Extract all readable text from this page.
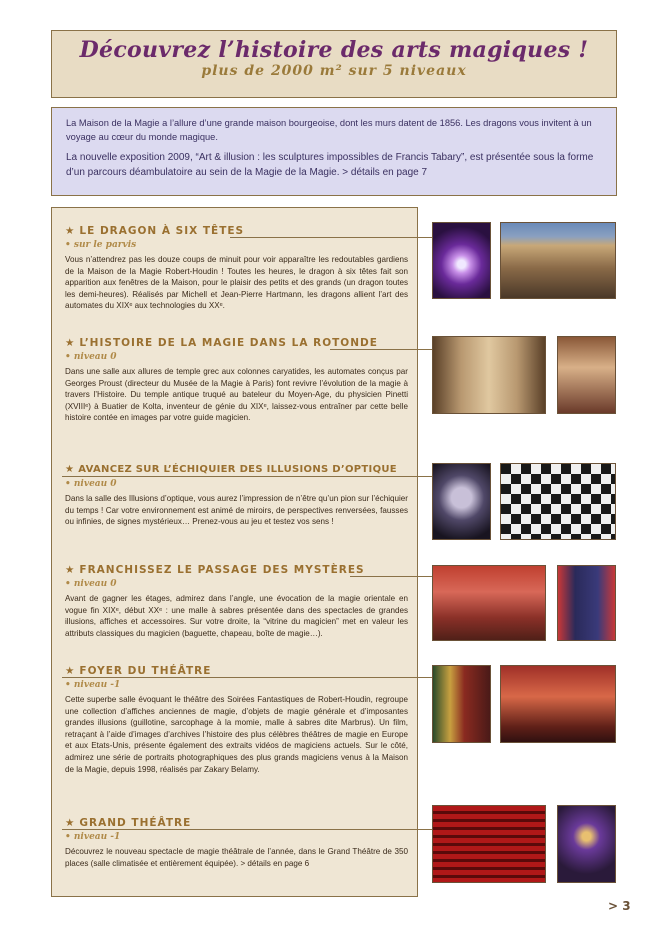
Découvrez l’histoire des arts magiques !
plus de 2000 m² sur 5 niveaux

La Maison de la Magie a l’allure d’une grande maison bourgeoise, dont les murs datent de 1856. Les dragons vous invitent à un voyage au cœur du monde magique.

La nouvelle exposition 2009, “Art & illusion : les sculptures impossibles de Francis Tabary”, est présentée sous la forme d’un parcours déambulatoire au sein de la Magie de la Magie. > détails en page 7

★ LE DRAGON À SIX TÊTES
• sur le parvis
Vous n’attendrez pas les douze coups de minuit pour voir apparaître les redoutables gardiens de la Maison de la Magie Robert-Houdin ! Toutes les heures, le dragon à six têtes fait son apparition aux fenêtres de la Maison, pour le plaisir des petits et des grands (un dragon toutes les demi-heures). Réalisés par Michell et Jean-Pierre Hartmann, les dragons allient l’art des automates du XIXᵉ aux technologies du XXᵉ.
★ L’HISTOIRE DE LA MAGIE DANS LA ROTONDE
• niveau 0
Dans une salle aux allures de temple grec aux colonnes caryatides, les automates conçus par Georges Proust (directeur du Musée de la Magie à Paris) font revivre l’évolution de la magie à travers l’Histoire. Du temple antique truqué au bateleur du Moyen-Age, du physicien Pinetti (XVIIIᵉ) à Buatier de Kolta, inventeur de génie du XIXᵉ, laissez-vous entraîner par cette belle histoire contée en images par votre guide magicien.
★ AVANCEZ SUR L’ÉCHIQUIER DES ILLUSIONS D’OPTIQUE
• niveau 0
Dans la salle des Illusions d’optique, vous aurez l’impression de n’être qu’un pion sur l’échiquier du temps ! Car votre environnement est animé de miroirs, de perspectives renversées, fausses ou infinies, de signes mystérieux… Prenez-vous au jeu et testez vos sens !
★ FRANCHISSEZ LE PASSAGE DES MYSTÈRES
• niveau 0
Avant de gagner les étages, admirez dans l’angle, une évocation de la magie orientale en vogue fin XIXᵉ, début XXᵉ : une malle à sabres présentée dans des spectacles de grandes illusions, affiches et accessoires. Sur votre droite, la “vitrine du magicien” met en valeur les attributs classiques du magicien (baguette, chapeau, boîte de magie…).
★ FOYER DU THÉÂTRE
• niveau -1
Cette superbe salle évoquant le théâtre des Soirées Fantastiques de Robert-Houdin, regroupe une collection d’affiches anciennes de magie, d’objets de magie générale et d’imposantes grandes illusions (guillotine, sarcophage à la momie, malle à sabres dite Marbrus). Un film, retraçant à l’aide d’images d’archives l’histoire des plus célèbres théâtres de magie en Europe et aux Etats-Unis, présente également des extraits vidéos de magiciens actuels. Sur le côté, admirez une série de portraits photographiques des plus grands magiciens venus à la Maison de la Magie, depuis 1998, réalisés par Zakary Belamy.
★ GRAND THÉÂTRE
• niveau -1
Découvrez le nouveau spectacle de magie théâtrale de l’année, dans le Grand Théâtre de 350 places (salle climatisée et entièrement équipée). > détails en page 6
> 3
